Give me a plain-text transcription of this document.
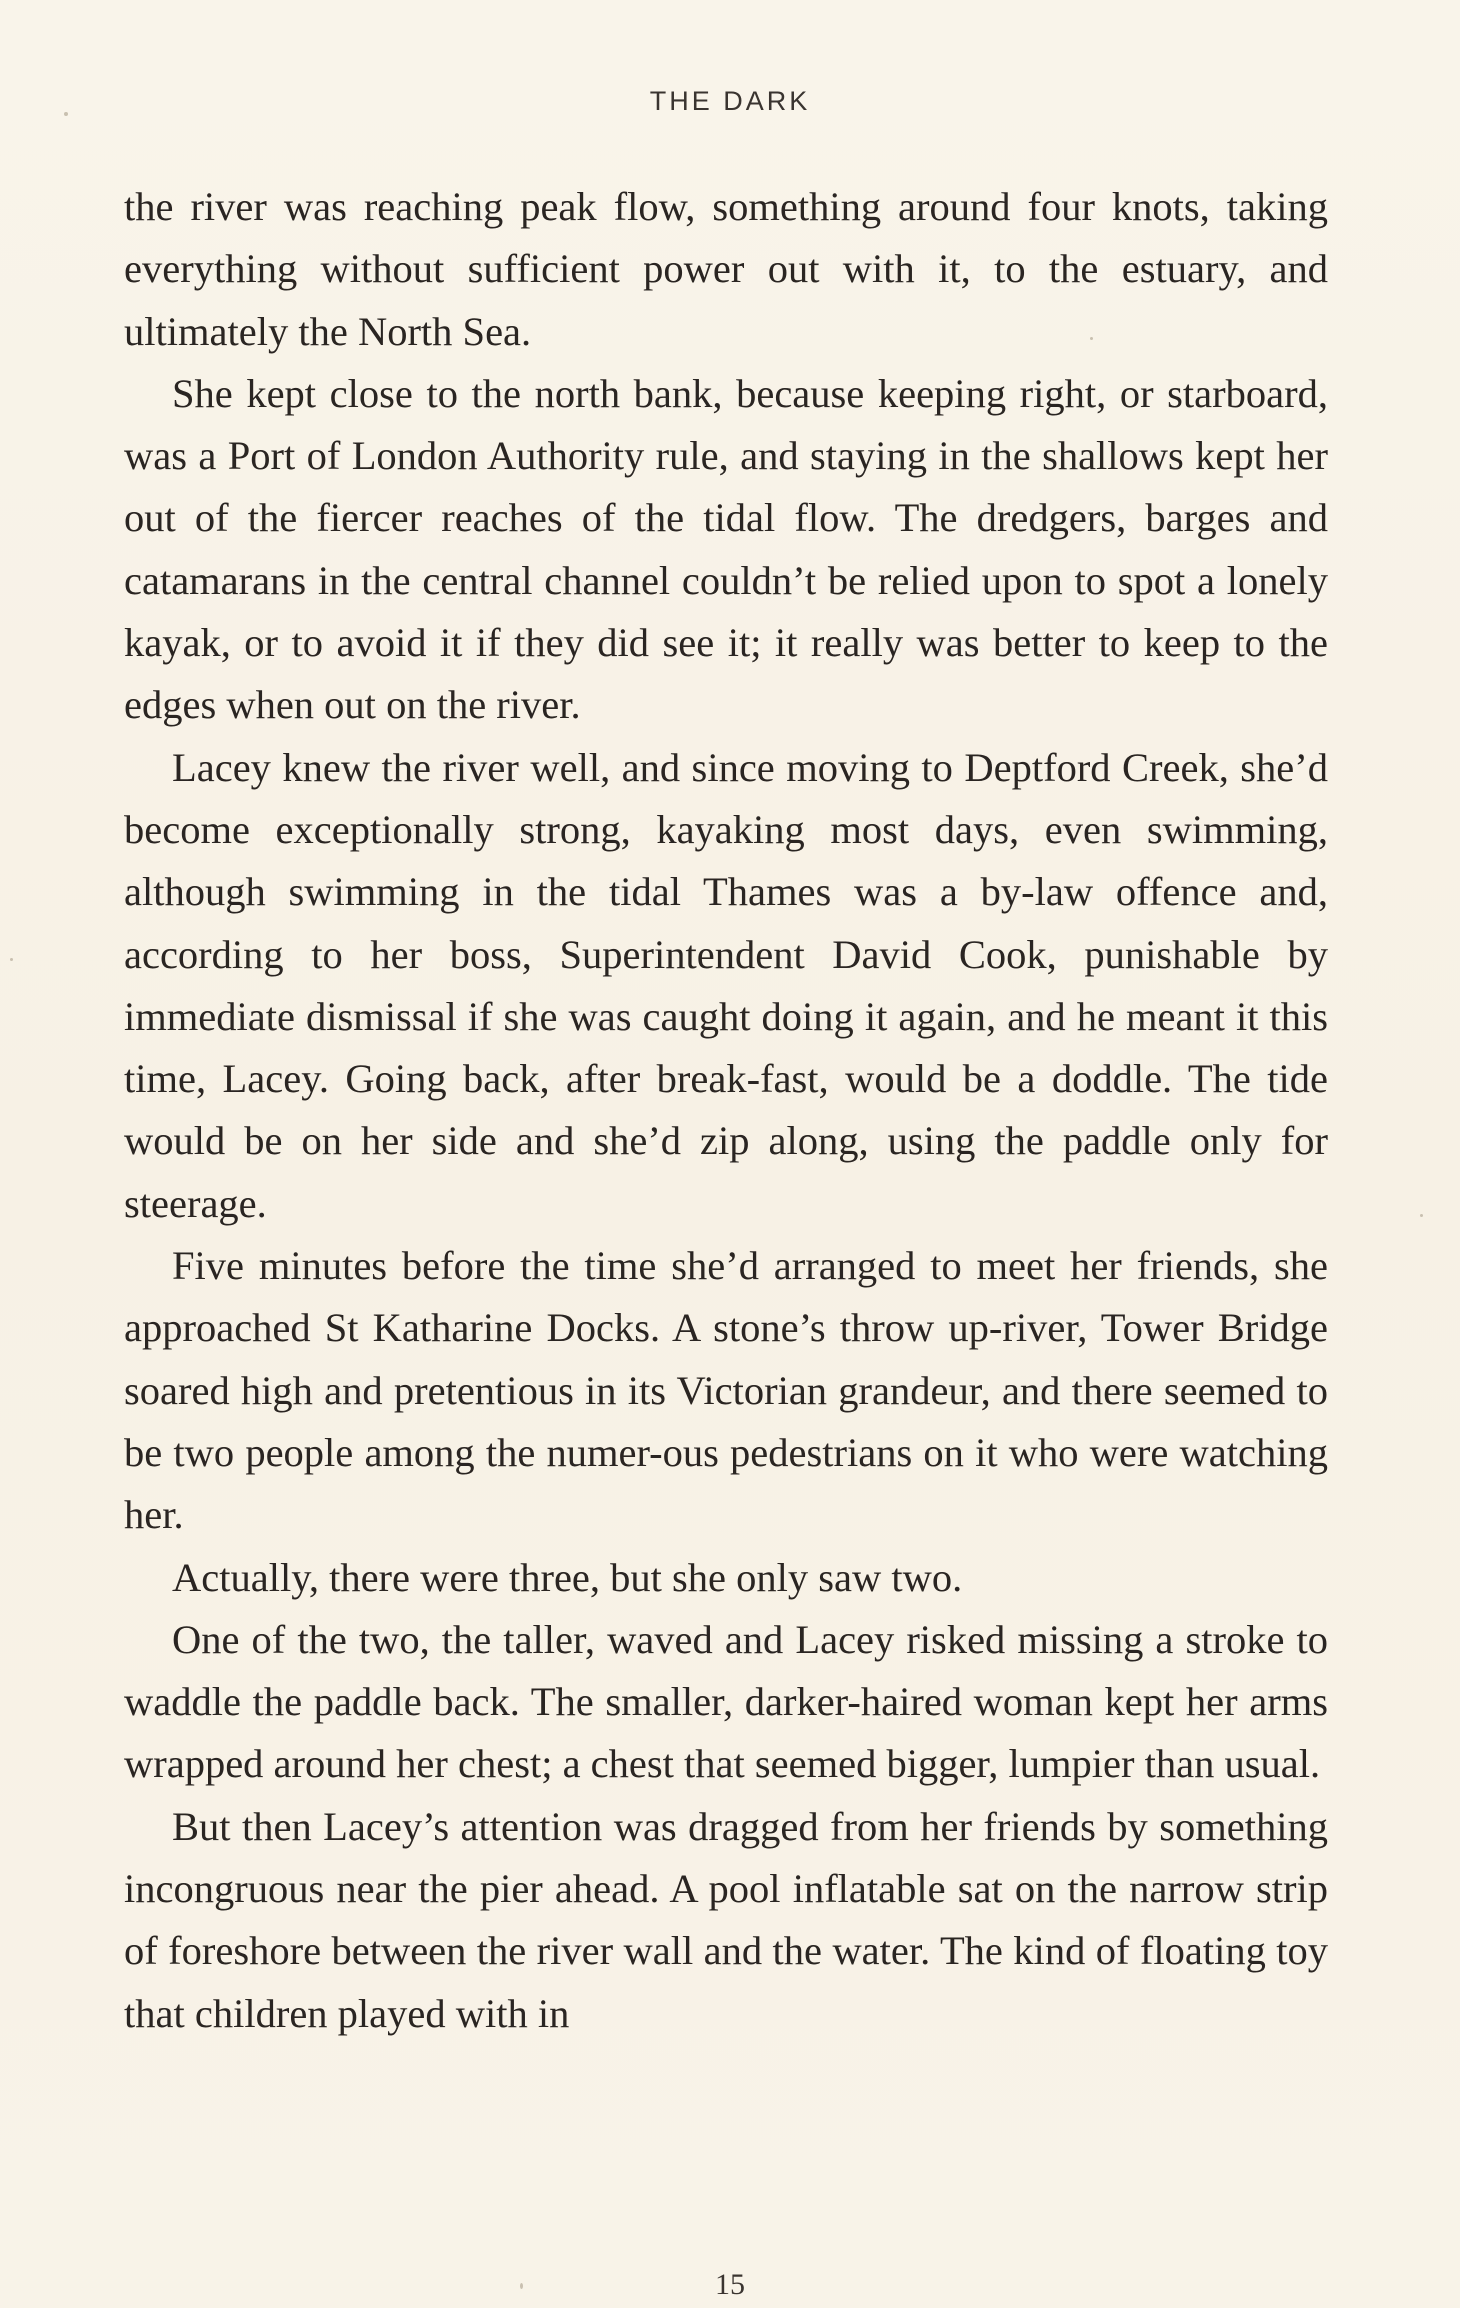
THE DARK

the river was reaching peak flow, something around four knots, taking everything without sufficient power out with it, to the estuary, and ultimately the North Sea.

She kept close to the north bank, because keeping right, or starboard, was a Port of London Authority rule, and staying in the shallows kept her out of the fiercer reaches of the tidal flow. The dredgers, barges and catamarans in the central channel couldn’t be relied upon to spot a lonely kayak, or to avoid it if they did see it; it really was better to keep to the edges when out on the river.

Lacey knew the river well, and since moving to Deptford Creek, she’d become exceptionally strong, kayaking most days, even swimming, although swimming in the tidal Thames was a by-law offence and, according to her boss, Superintendent David Cook, punishable by immediate dismissal if she was caught doing it again, and he meant it this time, Lacey. Going back, after break-fast, would be a doddle. The tide would be on her side and she’d zip along, using the paddle only for steerage.

Five minutes before the time she’d arranged to meet her friends, she approached St Katharine Docks. A stone’s throw up-river, Tower Bridge soared high and pretentious in its Victorian grandeur, and there seemed to be two people among the numer-ous pedestrians on it who were watching her.

Actually, there were three, but she only saw two.

One of the two, the taller, waved and Lacey risked missing a stroke to waddle the paddle back. The smaller, darker-haired woman kept her arms wrapped around her chest; a chest that seemed bigger, lumpier than usual.

But then Lacey’s attention was dragged from her friends by something incongruous near the pier ahead. A pool inflatable sat on the narrow strip of foreshore between the river wall and the water. The kind of floating toy that children played with in

15
